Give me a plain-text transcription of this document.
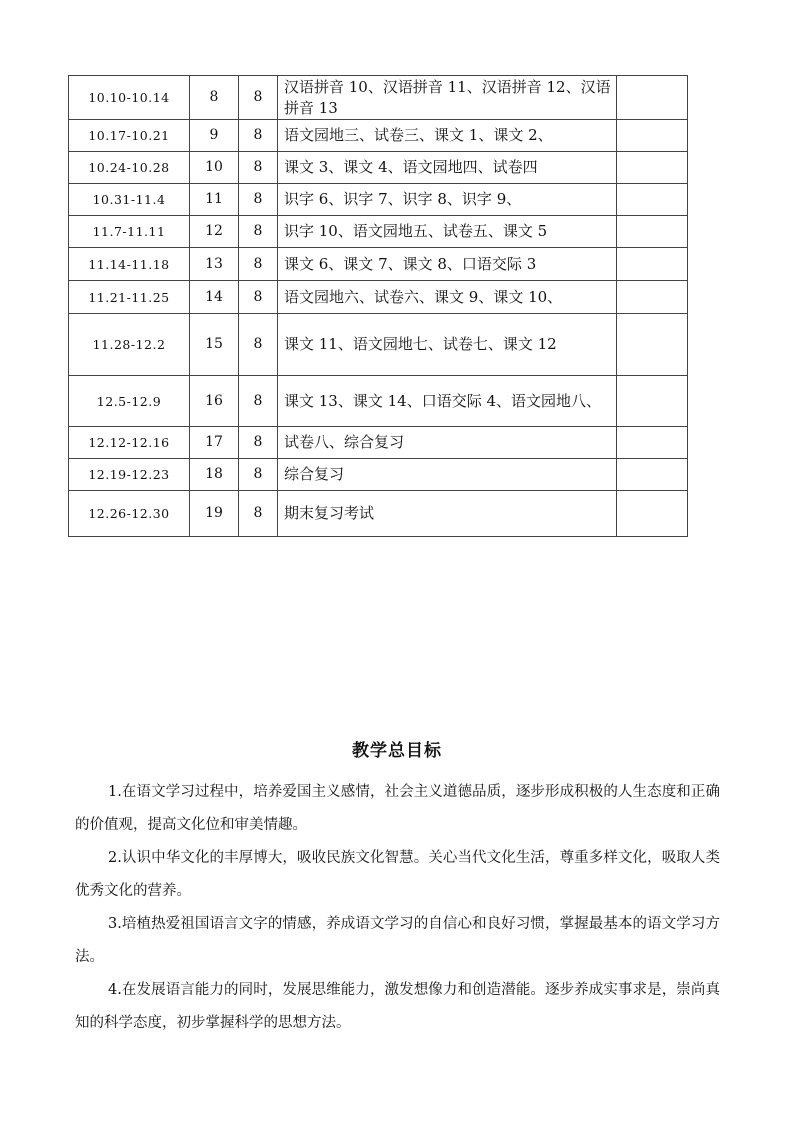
10.10-10.14	8	8	汉语拼音 10、汉语拼音 11、汉语拼音 12、汉语拼音 13	
10.17-10.21	9	8	语文园地三、试卷三、课文 1、课文 2、	
10.24-10.28	10	8	课文 3、课文 4、语文园地四、试卷四	
10.31-11.4	11	8	识字 6、识字 7、识字 8、识字 9、	
11.7-11.11	12	8	识字 10、语文园地五、试卷五、课文 5	
11.14-11.18	13	8	课文 6、课文 7、课文 8、口语交际 3	
11.21-11.25	14	8	语文园地六、试卷六、课文 9、课文 10、	
11.28-12.2	15	8	课文 11、语文园地七、试卷七、课文 12	
12.5-12.9	16	8	课文 13、课文 14、口语交际 4、语文园地八、	
12.12-12.16	17	8	试卷八、综合复习	
12.19-12.23	18	8	综合复习	
12.26-12.30	19	8	期末复习考试	
教学总目标

1.在语文学习过程中，培养爱国主义感情，社会主义道德品质，逐步形成积极的人生态度和正确的价值观，提高文化位和审美情趣。

2.认识中华文化的丰厚博大，吸收民族文化智慧。关心当代文化生活，尊重多样文化，吸取人类优秀文化的营养。

3.培植热爱祖国语言文字的情感，养成语文学习的自信心和良好习惯，掌握最基本的语文学习方法。

4.在发展语言能力的同时，发展思维能力，激发想像力和创造潜能。逐步养成实事求是，崇尚真知的科学态度，初步掌握科学的思想方法。
